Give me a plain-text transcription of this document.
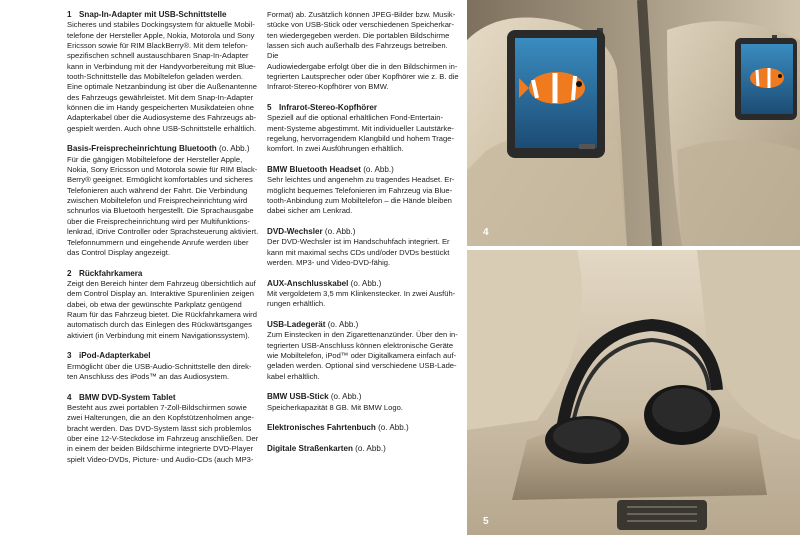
1 Snap-In-Adapter mit USB-Schnittstelle
Sicheres und stabiles Dockingsystem für aktuelle Mobil-
telefone der Hersteller Apple, Nokia, Motorola und Sony
Ericsson sowie für RIM BlackBerry®. Mit dem telefon-
spezifischen schnell austauschbaren Snap-In-Adapter
kann in Verbindung mit der Handyvorbereitung mit Blue-
tooth-Schnittstelle das Mobiltelefon geladen werden.
Eine optimale Netzanbindung ist über die Außenantenne
des Fahrzeugs gewährleistet. Mit dem Snap-In-Adapter
können die im Handy gespeicherten Musikdateien ohne
Adapterkabel über die Audiosysteme des Fahrzeugs ab-
gespielt werden. Auch ohne USB-Schnittstelle erhältlich.
Basis-Freisprecheinrichtung Bluetooth (o. Abb.)
Für die gängigen Mobiltelefone der Hersteller Apple,
Nokia, Sony Ericsson und Motorola sowie für RIM Black-
Berry® geeignet. Ermöglicht komfortables und sicheres
Telefonieren auch während der Fahrt. Die Verbindung
zwischen Mobiltelefon und Freisprecheinrichtung wird
schnurlos via Bluetooth hergestellt. Die Sprachausgabe
über die Freisprecheinrichtung wird per Multifunktions-
lenkrad, iDrive Controller oder Sprachsteuerung aktiviert.
Telefonnummern und eingehende Anrufe werden über
das Control Display angezeigt.
2 Rückfahrkamera
Zeigt den Bereich hinter dem Fahrzeug übersichtlich auf
dem Control Display an. Interaktive Spurenlinien zeigen
dabei, ob etwa der gewünschte Parkplatz genügend
Raum für das Fahrzeug bietet. Die Rückfahrkamera wird
automatisch durch das Einlegen des Rückwärtsganges
aktiviert (in Verbindung mit einem Navigationssystem).
3 iPod-Adapterkabel
Ermöglicht über die USB-Audio-Schnittstelle den direk-
ten Anschluss des iPods™ an das Audiosystem.
4 BMW DVD-System Tablet
Besteht aus zwei portablen 7-Zoll-Bildschirmen sowie
zwei Halterungen, die an den Kopfstützenholmen ange-
bracht werden. Das DVD-System lässt sich problemlos
über eine 12-V-Steckdose im Fahrzeug anschließen. Der
in einem der beiden Bildschirme integrierte DVD-Player
spielt Video-DVDs, Picture- und Audio-CDs (auch MP3-
Format) ab. Zusätzlich können JPEG-Bilder bzw. Musik-
stücke von USB-Stick oder verschiedenen Speicherkar-
ten wiedergegeben werden. Die portablen Bildschirme
lassen sich auch außerhalb des Fahrzeugs betreiben. Die
Audiowiedergabe erfolgt über die in den Bildschirmen in-
tegrierten Lautsprecher oder über Kopfhörer wie z. B. die
Infrarot-Stereo-Kopfhörer von BMW.
5 Infrarot-Stereo-Kopfhörer
Speziell auf die optional erhältlichen Fond-Entertain-
ment-Systeme abgestimmt. Mit individueller Lautstärke-
regelung, hervorragendem Klangbild und hohem Trage-
komfort. In zwei Ausführungen erhältlich.
BMW Bluetooth Headset (o. Abb.)
Sehr leichtes und angenehm zu tragendes Headset. Er-
möglicht bequemes Telefonieren im Fahrzeug via Blue-
tooth-Anbindung zum Mobiltelefon – die Hände bleiben
dabei sicher am Lenkrad.
DVD-Wechsler (o. Abb.)
Der DVD-Wechsler ist im Handschuhfach integriert. Er
kann mit maximal sechs CDs und/oder DVDs bestückt
werden. MP3- und Video-DVD-fähig.
AUX-Anschlusskabel (o. Abb.)
Mit vergoldetem 3,5 mm Klinkenstecker. In zwei Ausfüh-
rungen erhältlich.
USB-Ladegerät (o. Abb.)
Zum Einstecken in den Zigarettenanzünder. Über den in-
tegrierten USB-Anschluss können elektronische Geräte
wie Mobiltelefon, iPod™ oder Digitalkamera einfach auf-
geladen werden. Optional sind verschiedene USB-Lade-
kabel erhältlich.
BMW USB-Stick (o. Abb.)
Speicherkapazität 8 GB. Mit BMW Logo.
Elektronisches Fahrtenbuch (o. Abb.)
Digitale Straßenkarten (o. Abb.)
4
5
